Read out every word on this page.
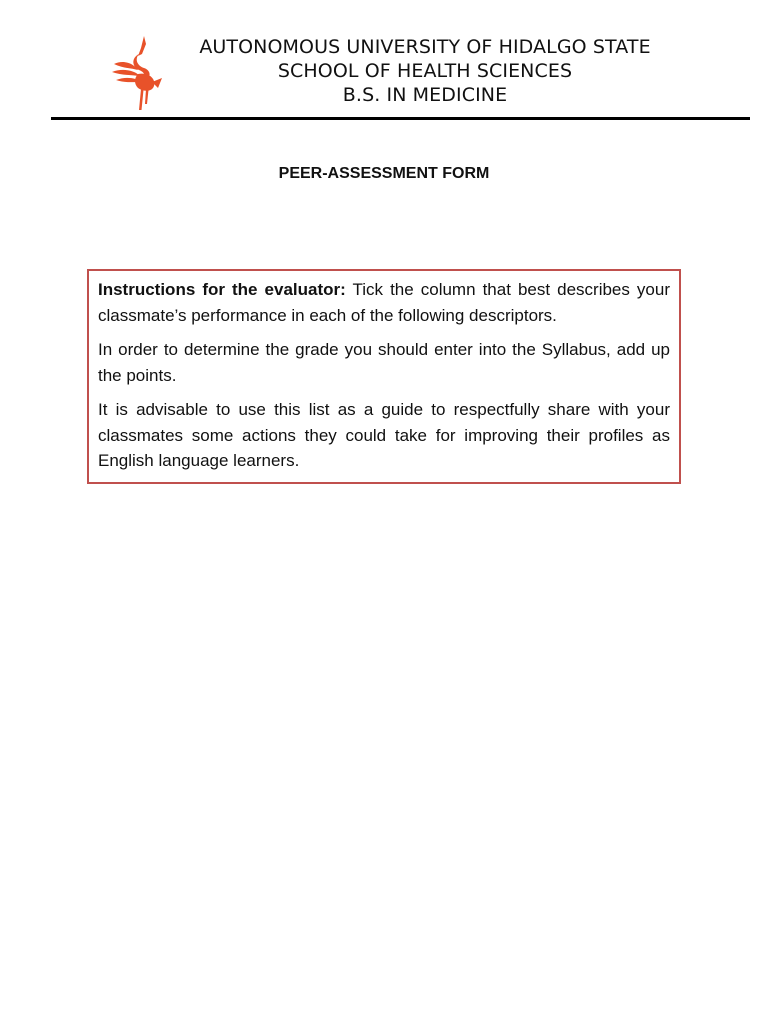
AUTONOMOUS UNIVERSITY OF HIDALGO STATE
SCHOOL OF HEALTH SCIENCES
B.S. IN MEDICINE
PEER-ASSESSMENT FORM

Instructions for the evaluator: Tick the column that best describes your classmate’s performance in each of the following descriptors.

In order to determine the grade you should enter into the Syllabus, add up the points.

It is advisable to use this list as a guide to respectfully share with your classmates some actions they could take for improving their profiles as English language learners.
